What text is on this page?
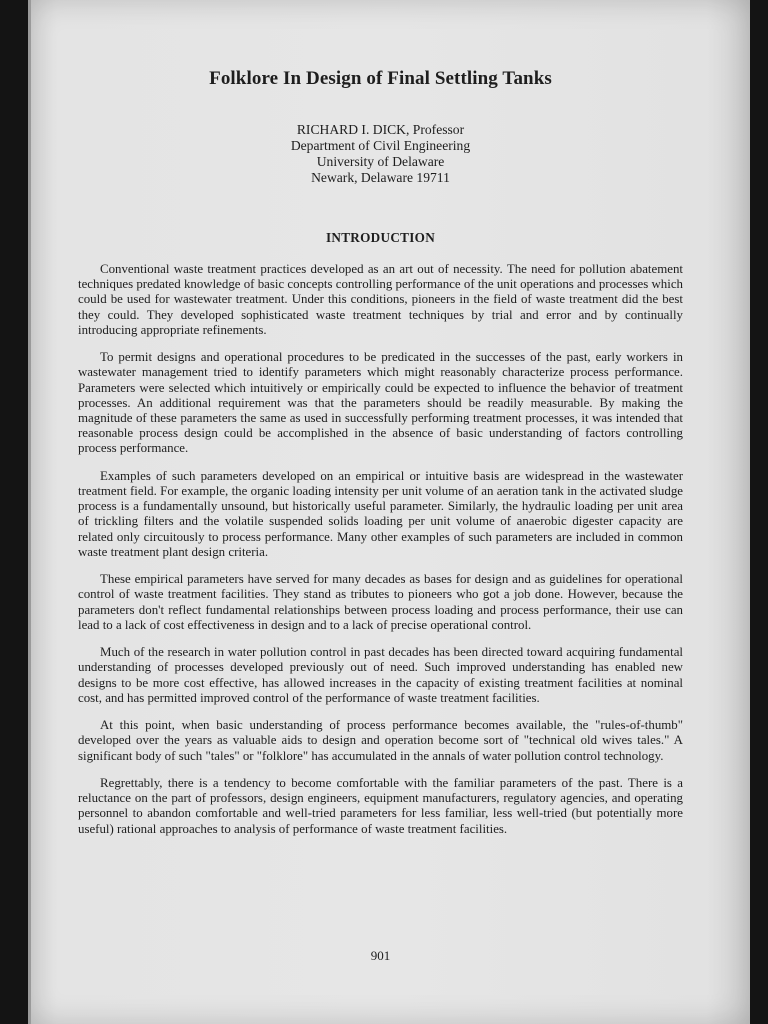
Folklore In Design of Final Settling Tanks
RICHARD I. DICK, Professor
Department of Civil Engineering
University of Delaware
Newark, Delaware 19711
INTRODUCTION

Conventional waste treatment practices developed as an art out of necessity. The need for pollution abatement techniques predated knowledge of basic concepts controlling performance of the unit operations and processes which could be used for wastewater treatment. Under this conditions, pioneers in the field of waste treatment did the best they could. They developed sophisticated waste treatment techniques by trial and error and by continually introducing appropriate refinements.

To permit designs and operational procedures to be predicated in the successes of the past, early workers in wastewater management tried to identify parameters which might reasonably characterize process performance. Parameters were selected which intuitively or empirically could be expected to influence the behavior of treatment processes. An additional requirement was that the parameters should be readily measurable. By making the magnitude of these parameters the same as used in successfully performing treatment processes, it was intended that reasonable process design could be accomplished in the absence of basic understanding of factors controlling process performance.

Examples of such parameters developed on an empirical or intuitive basis are widespread in the wastewater treatment field. For example, the organic loading intensity per unit volume of an aeration tank in the activated sludge process is a fundamentally unsound, but historically useful parameter. Similarly, the hydraulic loading per unit area of trickling filters and the volatile suspended solids loading per unit volume of anaerobic digester capacity are related only circuitously to process performance. Many other examples of such parameters are included in common waste treatment plant design criteria.

These empirical parameters have served for many decades as bases for design and as guidelines for operational control of waste treatment facilities. They stand as tributes to pioneers who got a job done. However, because the parameters don't reflect fundamental relationships between process loading and process performance, their use can lead to a lack of cost effectiveness in design and to a lack of precise operational control.

Much of the research in water pollution control in past decades has been directed toward acquiring fundamental understanding of processes developed previously out of need. Such improved understanding has enabled new designs to be more cost effective, has allowed increases in the capacity of existing treatment facilities at nominal cost, and has permitted improved control of the performance of waste treatment facilities.

At this point, when basic understanding of process performance becomes available, the "rules-of-thumb" developed over the years as valuable aids to design and operation become sort of "technical old wives tales." A significant body of such "tales" or "folklore" has accumulated in the annals of water pollution control technology.

Regrettably, there is a tendency to become comfortable with the familiar parameters of the past. There is a reluctance on the part of professors, design engineers, equipment manufacturers, regulatory agencies, and operating personnel to abandon comfortable and well-tried parameters for less familiar, less well-tried (but potentially more useful) rational approaches to analysis of performance of waste treatment facilities.

901
